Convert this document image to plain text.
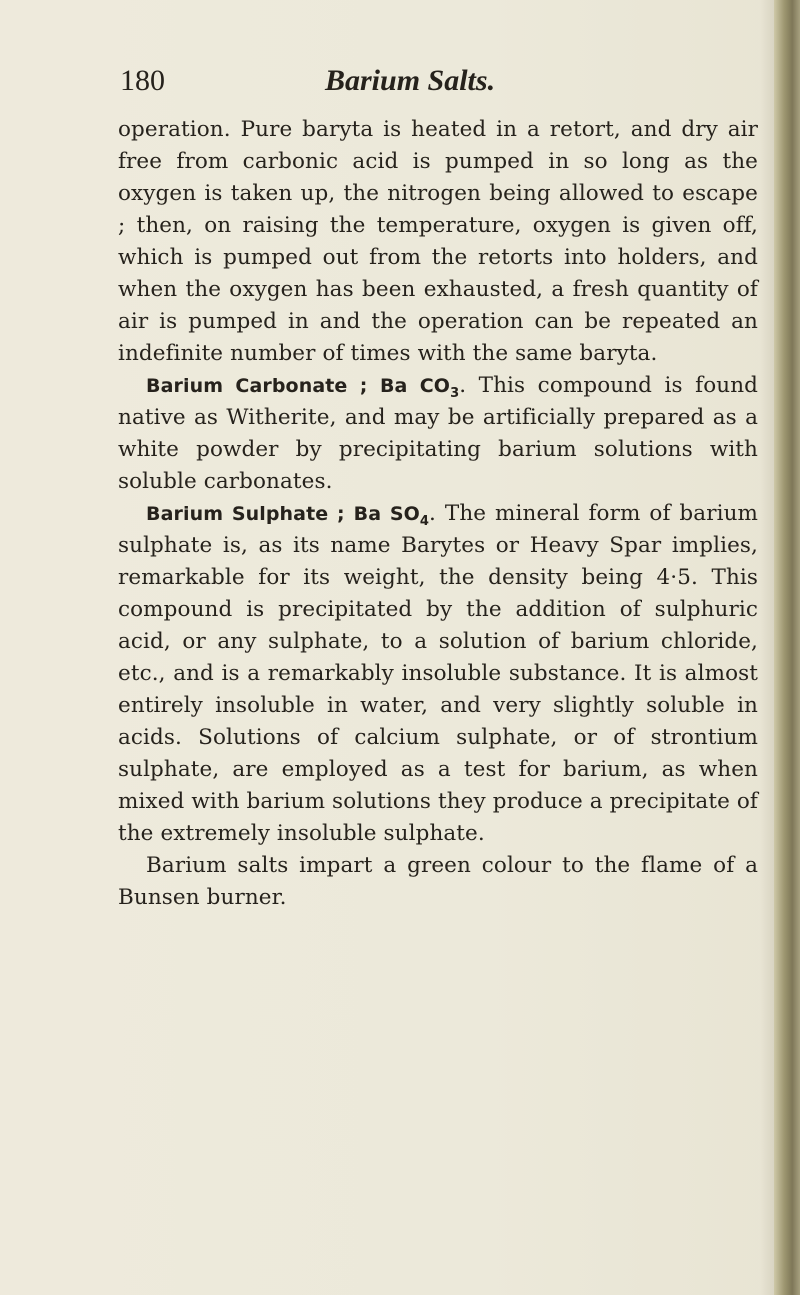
180	Barium Salts.

operation. Pure baryta is heated in a retort, and dry air free from carbonic acid is pumped in so long as the oxygen is taken up, the nitrogen being allowed to escape ; then, on raising the temperature, oxygen is given off, which is pumped out from the retorts into holders, and when the oxygen has been exhausted, a fresh quantity of air is pumped in and the operation can be repeated an indefinite number of times with the same baryta.

Barium Carbonate ; Ba $CO_3$. This compound is found native as Witherite, and may be artificially prepared as a white powder by precipitating barium solutions with soluble carbonates.

Barium Sulphate ; Ba $SO_4$. The mineral form of barium sulphate is, as its name Barytes or Heavy Spar implies, remarkable for its weight, the density being 4·5. This compound is precipitated by the addition of sulphuric acid, or any sulphate, to a solution of barium chloride, etc., and is a remarkably insoluble substance. It is almost entirely insoluble in water, and very slightly soluble in acids. Solutions of calcium sulphate, or of strontium sulphate, are employed as a test for barium, as when mixed with barium solutions they produce a precipitate of the extremely insoluble sulphate.

Barium salts impart a green colour to the flame of a Bunsen burner.
